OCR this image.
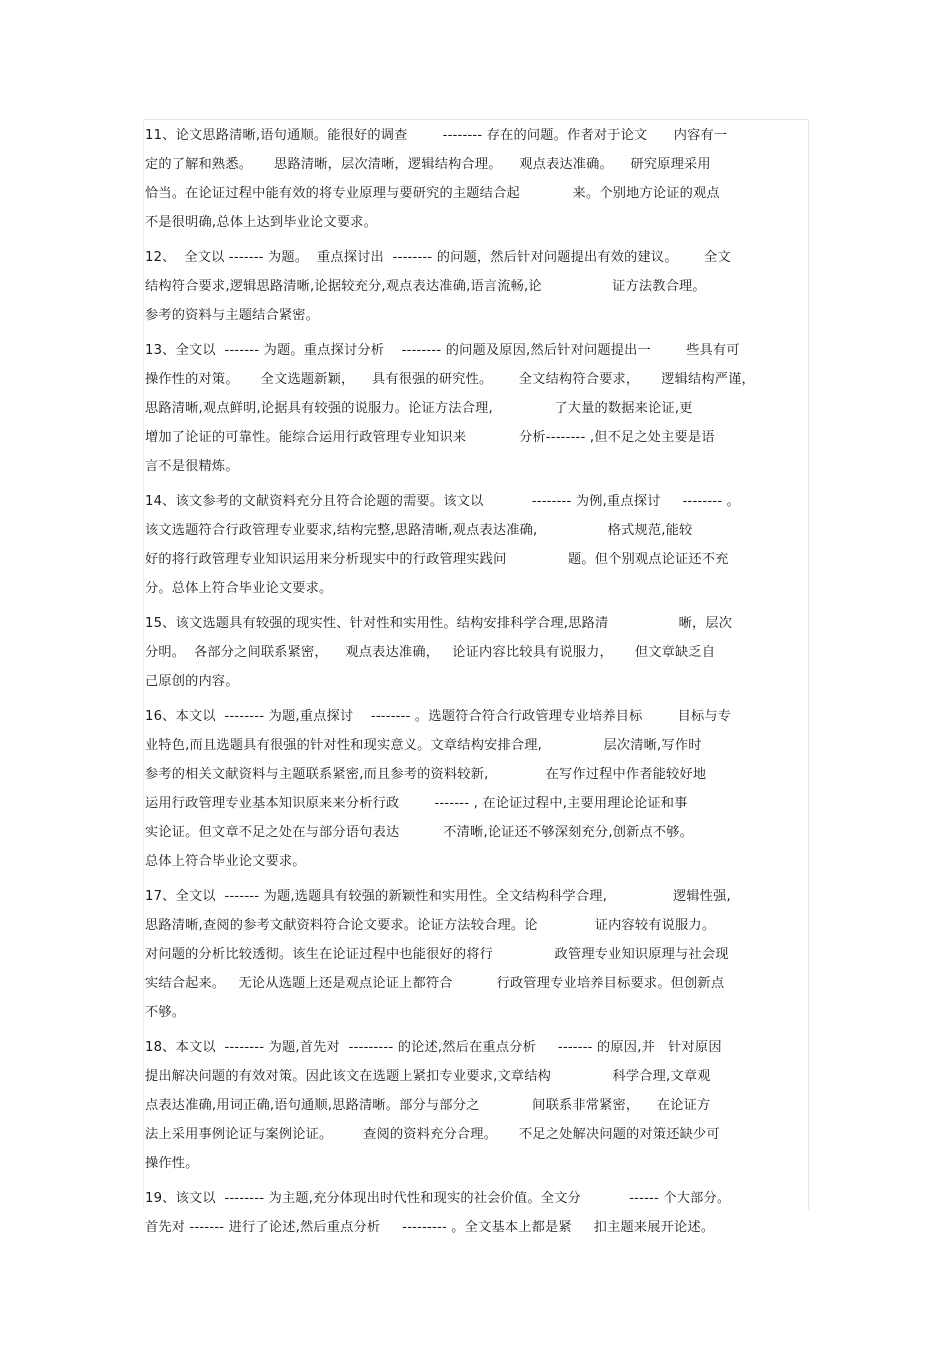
11、论文思路清晰,语句通顺。能很好的调查        -------- 存在的问题。作者对于论文      内容有一
定的了解和熟悉。     思路清晰，层次清晰，逻辑结构合理。    观点表达准确。    研究原理采用
恰当。在论证过程中能有效的将专业原理与要研究的主题结合起            来。个别地方论证的观点
不是很明确,总体上达到毕业论文要求。
12、  全文以 ------- 为题。  重点探讨出  -------- 的问题，然后针对问题提出有效的建议。      全文
结构符合要求,逻辑思路清晰,论据较充分,观点表达准确,语言流畅,论                证方法教合理。
参考的资料与主题结合紧密。
13、全文以  ------- 为题。重点探讨分析    -------- 的问题及原因,然后针对问题提出一        些具有可
操作性的对策。     全文选题新颖，    具有很强的研究性。      全文结构符合要求，     逻辑结构严谨，
思路清晰,观点鲜明,论据具有较强的说服力。论证方法合理,              了大量的数据来论证,更
增加了论证的可靠性。能综合运用行政管理专业知识来            分析-------- ,但不足之处主要是语
言不是很精炼。
14、该文参考的文献资料充分且符合论题的需要。该文以           -------- 为例,重点探讨     -------- 。
该文选题符合行政管理专业要求,结构完整,思路清晰,观点表达准确,                格式规范,能较
好的将行政管理专业知识运用来分析现实中的行政管理实践问              题。但个别观点论证还不充
分。总体上符合毕业论文要求。
15、该文选题具有较强的现实性、针对性和实用性。结构安排科学合理,思路清                晰，层次
分明。  各部分之间联系紧密，    观点表达准确，   论证内容比较具有说服力，     但文章缺乏自
己原创的内容。
16、本文以  -------- 为题,重点探讨    -------- 。选题符合符合行政管理专业培养目标        目标与专
业特色,而且选题具有很强的针对性和现实意义。文章结构安排合理,              层次清晰,写作时
参考的相关文献资料与主题联系紧密,而且参考的资料较新,             在写作过程中作者能较好地
运用行政管理专业基本知识原来来分析行政        ------- , 在论证过程中,主要用理论论证和事
实论证。但文章不足之处在与部分语句表达          不清晰,论证还不够深刻充分,创新点不够。
总体上符合毕业论文要求。
17、全文以  ------- 为题,选题具有较强的新颖性和实用性。全文结构科学合理,               逻辑性强,
思路清晰,查阅的参考文献资料符合论文要求。论证方法较合理。论             证内容较有说服力。
对问题的分析比较透彻。该生在论证过程中也能很好的将行              政管理专业知识原理与社会现
实结合起来。   无论从选题上还是观点论证上都符合          行政管理专业培养目标要求。但创新点
不够。
18、本文以  -------- 为题,首先对  --------- 的论述,然后在重点分析     ------- 的原因,并   针对原因
提出解决问题的有效对策。因此该文在选题上紧扣专业要求,文章结构              科学合理,文章观
点表达准确,用词正确,语句通顺,思路清晰。部分与部分之            间联系非常紧密，    在论证方
法上采用事例论证与案例论证。       查阅的资料充分合理。     不足之处解决问题的对策还缺少可
操作性。
19、该文以  -------- 为主题,充分体现出时代性和现实的社会价值。全文分           ------ 个大部分。
首先对 ------- 进行了论述,然后重点分析     --------- 。全文基本上都是紧     扣主题来展开论述。
